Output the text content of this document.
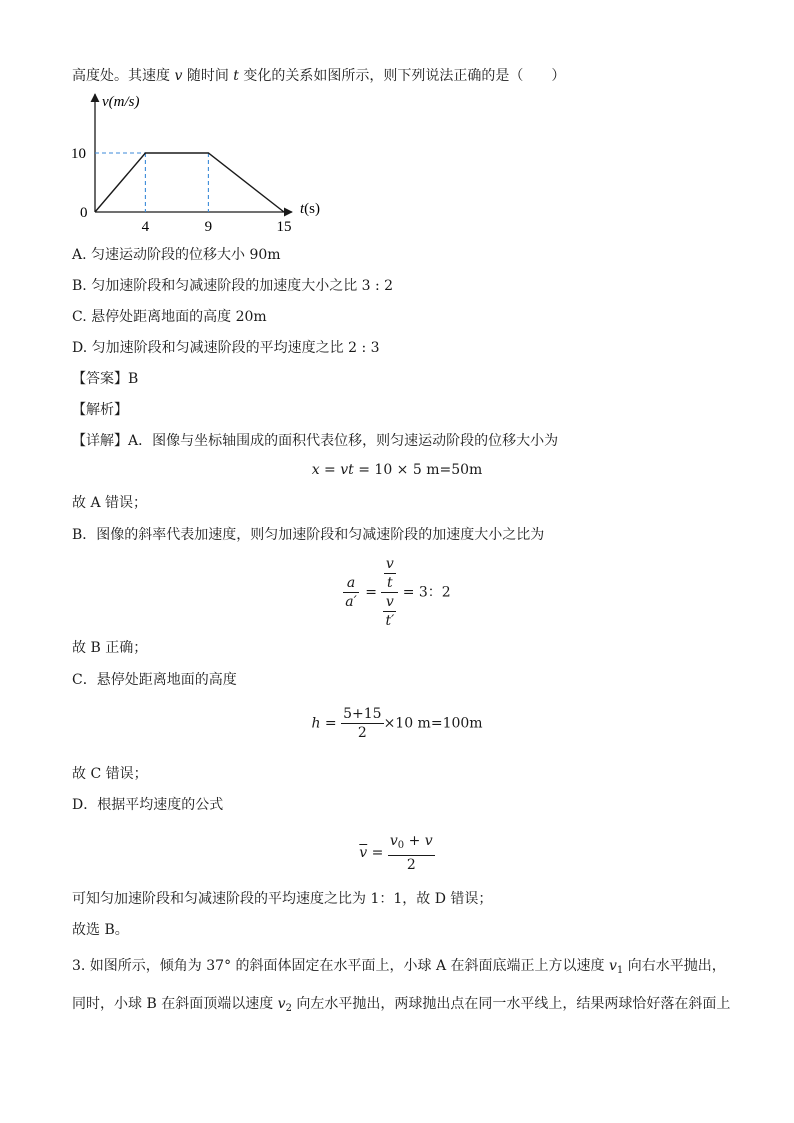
高度处。其速度 v 随时间 t 变化的关系如图所示，则下列说法正确的是（　　）
v(m/s)
t(s)
0
10
4	9	15
A. 匀速运动阶段的位移大小 90m
B. 匀加速阶段和匀减速阶段的加速度大小之比 3 : 2
C. 悬停处距离地面的高度 20m
D. 匀加速阶段和匀减速阶段的平均速度之比 2 : 3
【答案】B
【解析】
【详解】A．图像与坐标轴围成的面积代表位移，则匀速运动阶段的位移大小为
x = vt = 10 × 5 m=50m
故 A 错误；
B．图像的斜率代表加速度，则匀加速阶段和匀减速阶段的加速度大小之比为
$\frac{a}{a'} = \frac{\frac{v}{t}}{\frac{v}{t'}} = 3$：2
故 B 正确；
C．悬停处距离地面的高度
$h = \frac{5+15}{2} \times 10$ m=100m
故 C 错误；
D．根据平均速度的公式
$\overline{v} = \frac{v_0 + v}{2}$
可知匀加速阶段和匀减速阶段的平均速度之比为 1：1，故 D 错误；
故选 B。
3. 如图所示，倾角为 37° 的斜面体固定在水平面上，小球 A 在斜面底端正上方以速度 $v_1$ 向右水平抛出，
同时，小球 B 在斜面顶端以速度 $v_2$ 向左水平抛出，两球抛出点在同一水平线上，结果两球恰好落在斜面上
